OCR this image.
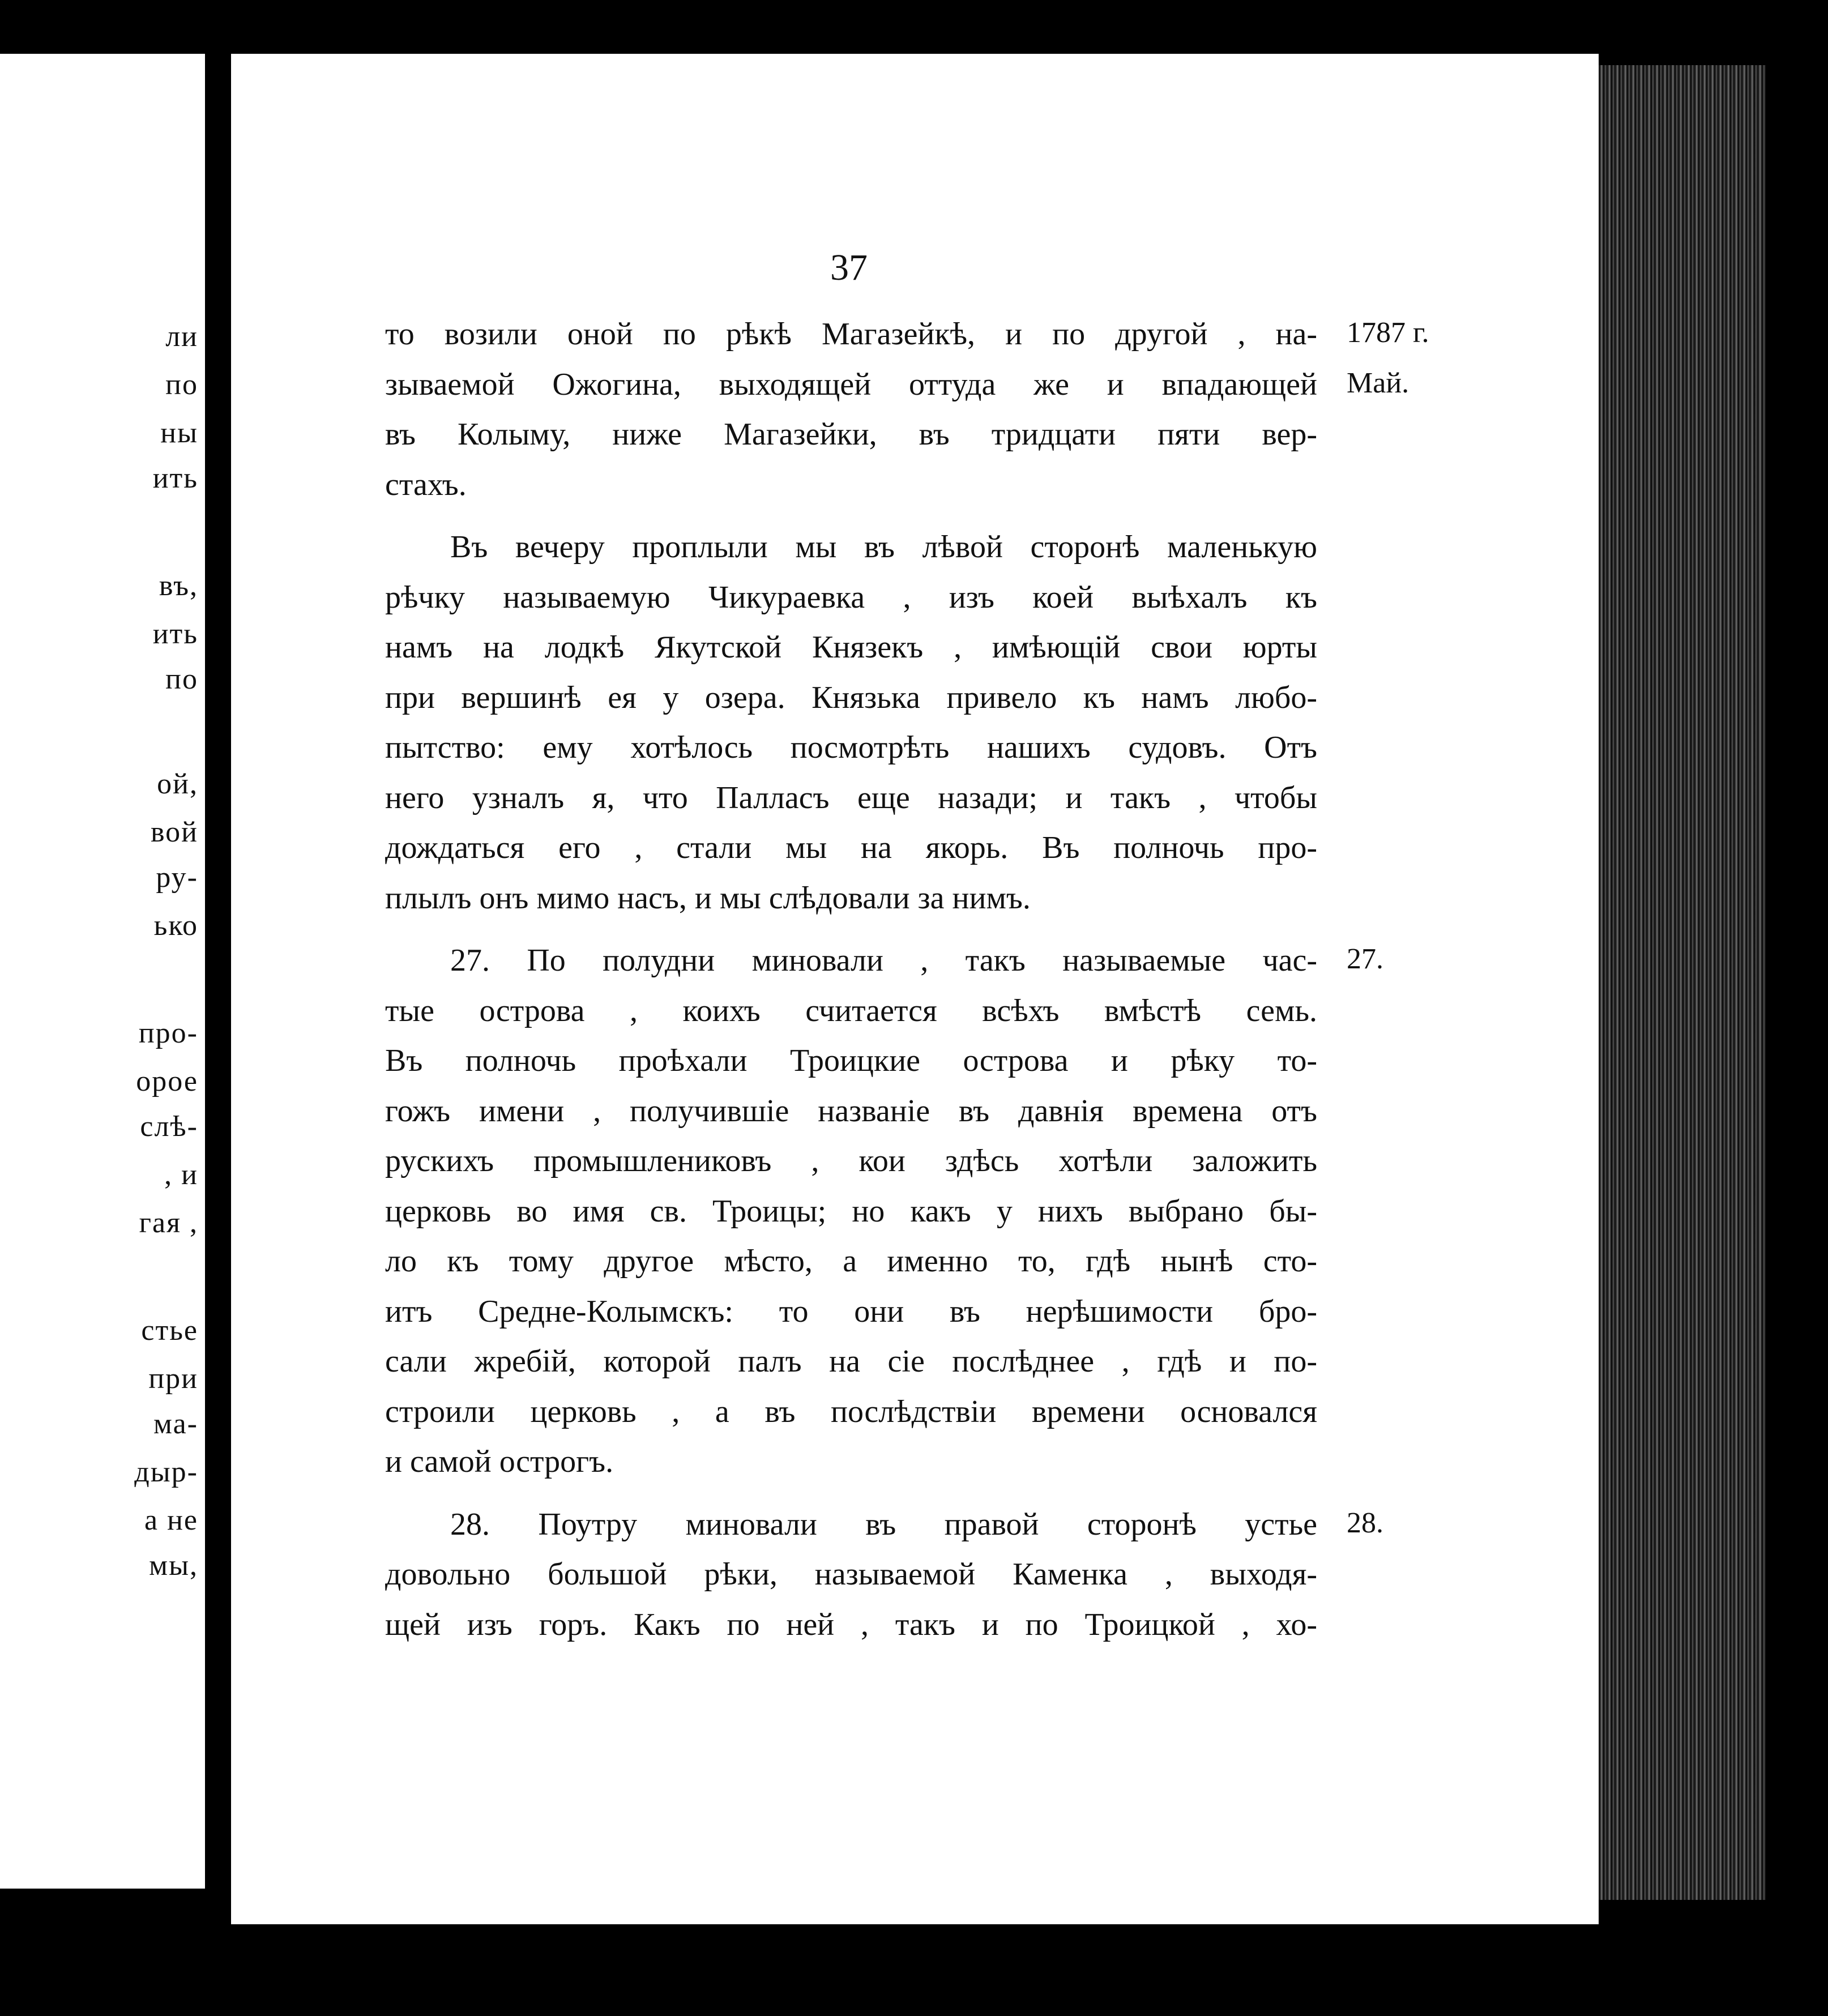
ли
по
ны
ить
въ,
ить
по
ой,
вой
ру-
ько
про-
орое
слѣ-
, и
гая ,
стье
при
ма-
дыр-
а не
мы,
37
то возили оной по рѣкѣ Магазейкѣ, и по другой , на-
зываемой Ожогина, выходящей оттуда же и впадающей
въ Колыму, ниже Магазейки, въ тридцати пяти вер-
стахъ.
Въ вечеру проплыли мы въ лѣвой сторонѣ маленькую
рѣчку называемую Чикураевка , изъ коей выѣхалъ къ
намъ на лодкѣ Якутской Князекъ , имѣющій свои юрты
при вершинѣ ея у озера. Князька привело къ намъ любо-
пытство: ему хотѣлось посмотрѣть нашихъ судовъ. Отъ
него узналъ я, что Палласъ еще назади; и такъ , чтобы
дождаться его , стали мы на якорь. Въ полночь про-
плылъ онъ мимо насъ, и мы слѣдовали за нимъ.
27. По полудни миновали , такъ называемые час-
тые острова , коихъ считается всѣхъ вмѣстѣ семь.
Въ полночь проѣхали Троицкие острова и рѣку то-
гожъ имени , получившіе названіе въ давнія времена отъ
рускихъ промышлениковъ , кои здѣсь хотѣли заложить
церковь во имя св. Троицы; но какъ у нихъ выбрано бы-
ло къ тому другое мѣсто, а именно то, гдѣ нынѣ сто-
итъ Средне-Колымскъ: то они въ нерѣшимости бро-
сали жребій, которой палъ на сіе послѣднее , гдѣ и по-
строили церковь , а въ послѣдствіи времени основался
и самой острогъ.
28. Поутру миновали въ правой сторонѣ устье
довольно большой рѣки, называемой Каменка , выходя-
щей изъ горъ. Какъ по ней , такъ и по Троицкой , хо-
1787 г.
Май.
27.
28.
